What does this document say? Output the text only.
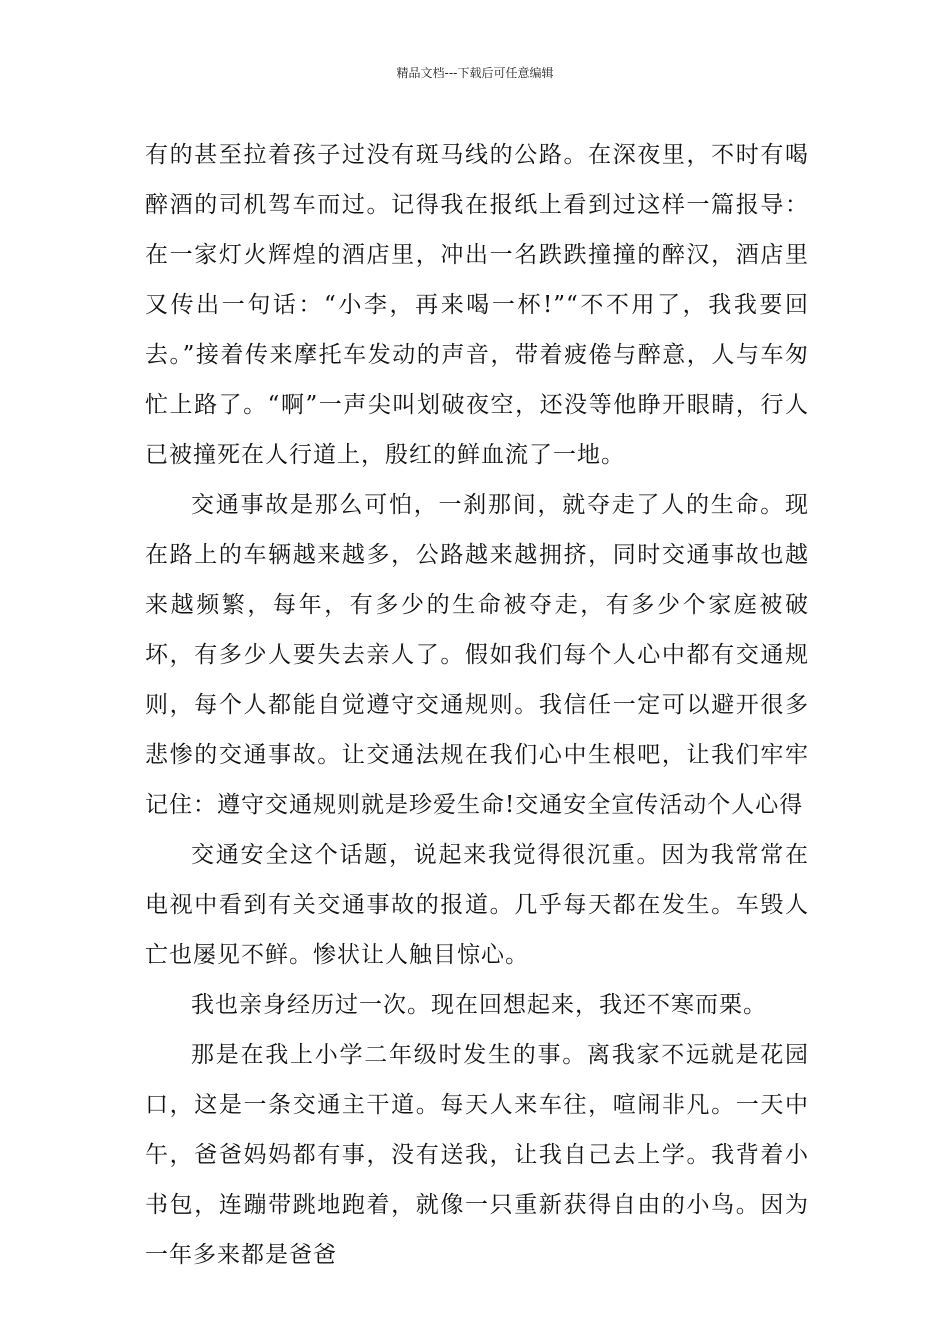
精品文档---下载后可任意编辑

有的甚至拉着孩子过没有斑马线的公路。在深夜里，不时有喝醉酒的司机驾车而过。记得我在报纸上看到过这样一篇报导：在一家灯火辉煌的酒店里，冲出一名跌跌撞撞的醉汉，酒店里又传出一句话：“小李，再来喝一杯!”“不不用了，我我要回去。”接着传来摩托车发动的声音，带着疲倦与醉意，人与车匆忙上路了。“啊”一声尖叫划破夜空，还没等他睁开眼睛，行人已被撞死在人行道上，殷红的鲜血流了一地。

交通事故是那么可怕，一刹那间，就夺走了人的生命。现在路上的车辆越来越多，公路越来越拥挤，同时交通事故也越来越频繁，每年，有多少的生命被夺走，有多少个家庭被破坏，有多少人要失去亲人了。假如我们每个人心中都有交通规则，每个人都能自觉遵守交通规则。我信任一定可以避开很多悲惨的交通事故。让交通法规在我们心中生根吧，让我们牢牢记住：遵守交通规则就是珍爱生命!交通安全宣传活动个人心得

交通安全这个话题，说起来我觉得很沉重。因为我常常在电视中看到有关交通事故的报道。几乎每天都在发生。车毁人亡也屡见不鲜。惨状让人触目惊心。

我也亲身经历过一次。现在回想起来，我还不寒而栗。

那是在我上小学二年级时发生的事。离我家不远就是花园口，这是一条交通主干道。每天人来车往，喧闹非凡。一天中午，爸爸妈妈都有事，没有送我，让我自己去上学。我背着小书包，连蹦带跳地跑着，就像一只重新获得自由的小鸟。因为一年多来都是爸爸
